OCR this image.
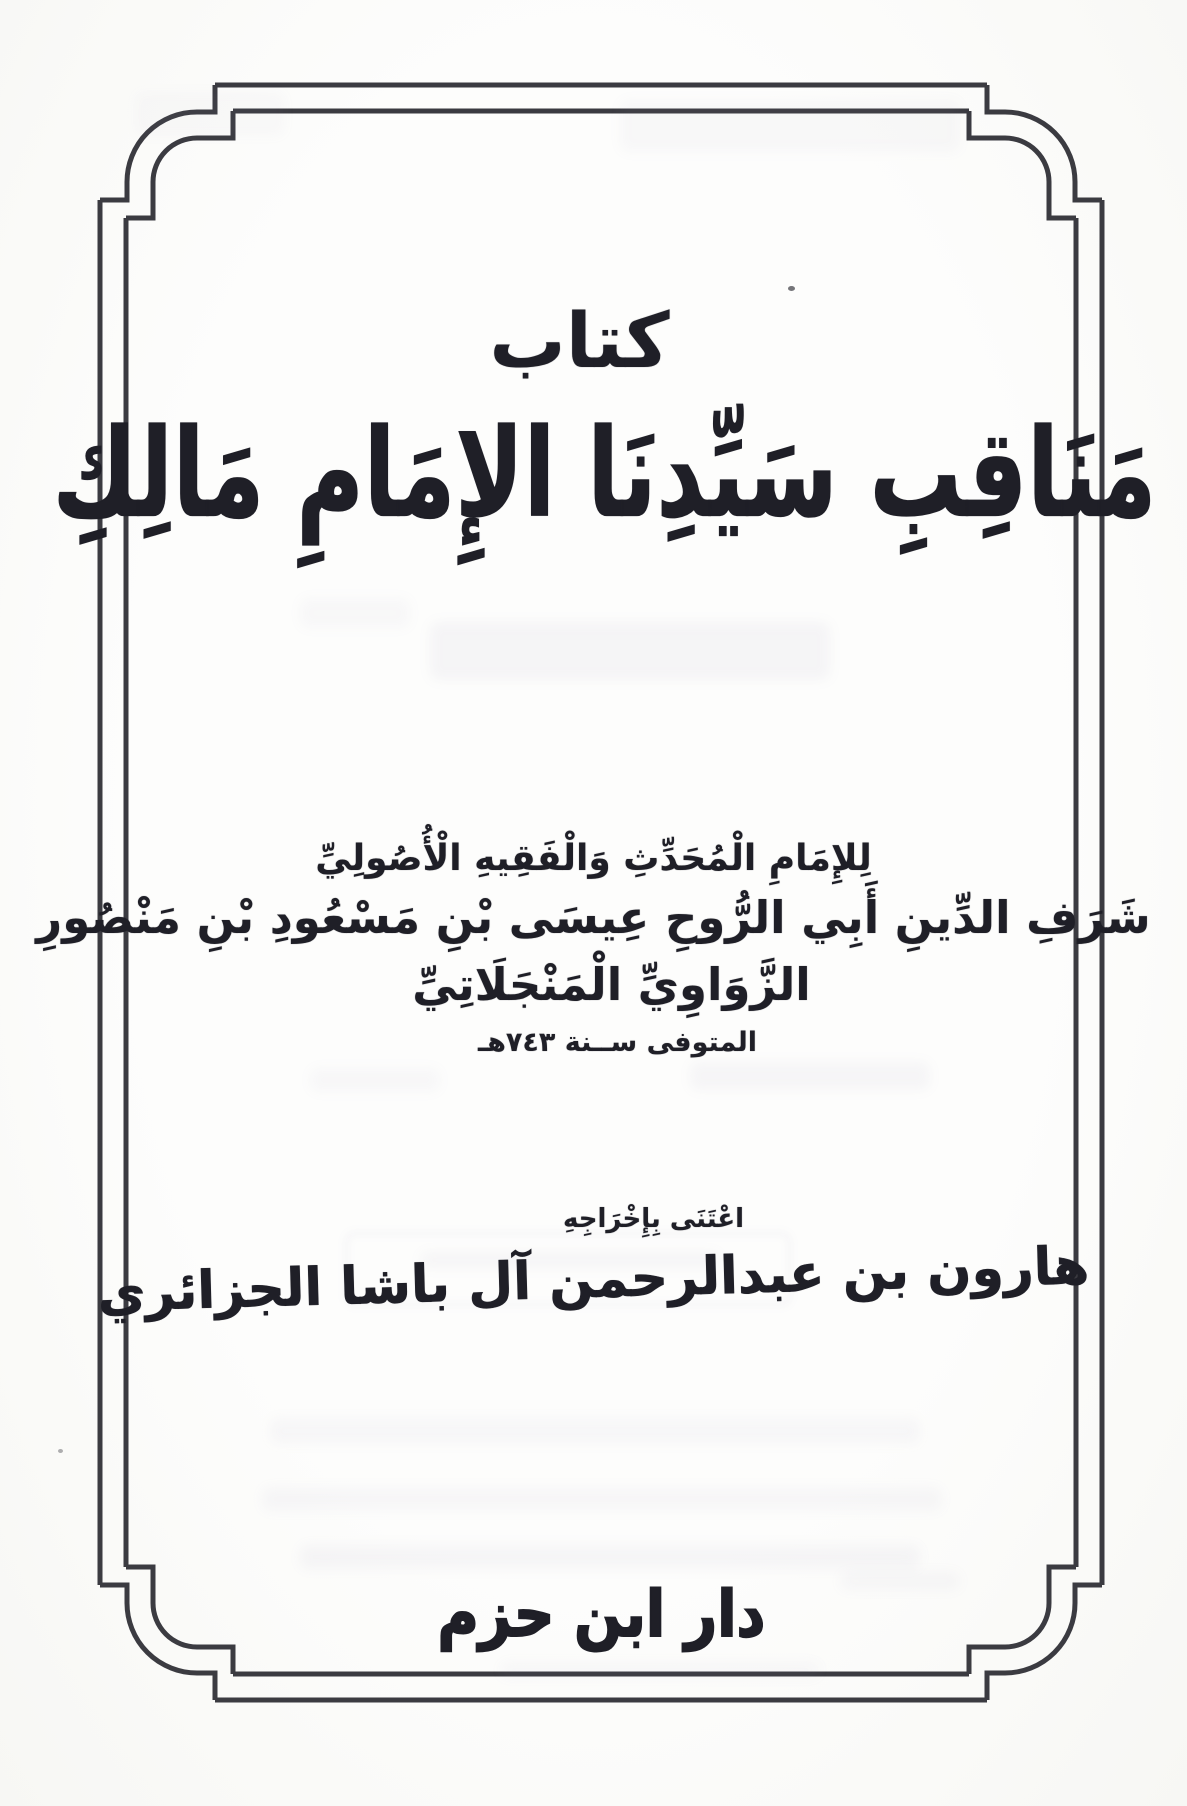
كتاب
مَنَاقِبِ سَيِّدِنَا الإِمَامِ مَالِكِ
لِلإِمَامِ الْمُحَدِّثِ وَالْفَقِيهِ الْأُصُولِيِّ
شَرَفِ الدِّينِ أَبِي الرُّوحِ عِيسَى بْنِ مَسْعُودِ بْنِ مَنْصُورِ
الزَّوَاوِيِّ الْمَنْجَلَاتِيِّ
المتوفى ســنة ٧٤٣هـ
اعْتَنَى بِإِخْرَاجِهِ
هارون بن عبدالرحمن آل باشا الجزائري
دار ابن حزم
